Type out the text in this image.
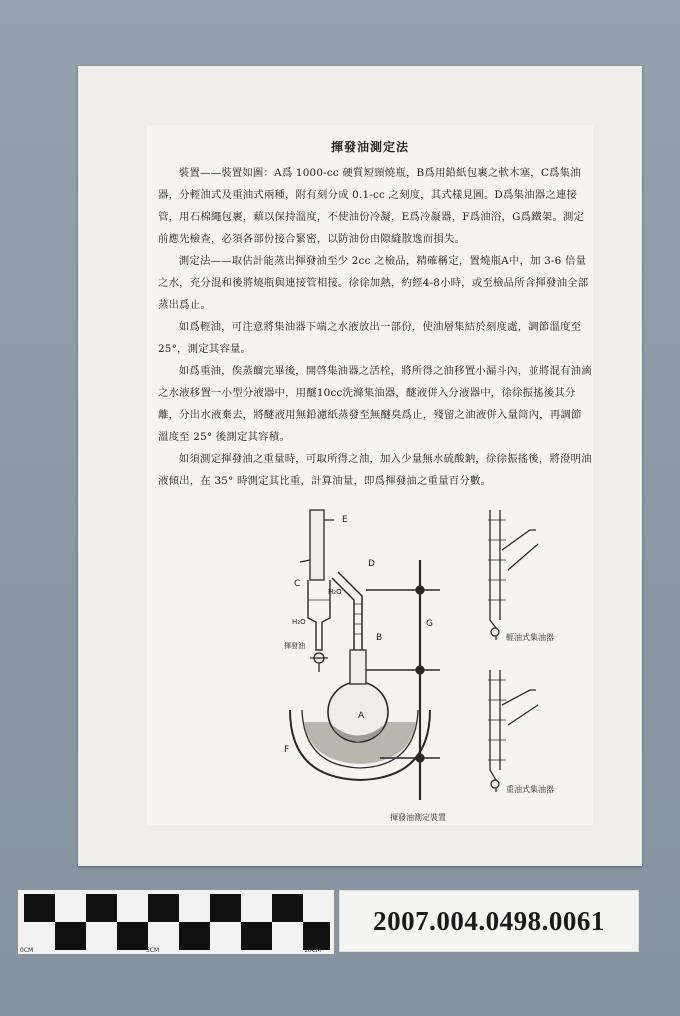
揮發油測定法

裝置——裝置如圖：A爲 1000-cc 硬質短頸燒瓶，B爲用鉛紙包裹之軟木塞，C爲集油器，分輕油式及重油式兩種，附有刻分成 0.1-cc 之刻度，其式樣見圖。D爲集油器之連接管，用石棉繩包裹，藉以保持溫度，不使油份冷凝，E爲冷凝器，F爲油浴，G爲鐵架。測定前應先檢查，必須各部份接合緊密，以防油份由隙縫散逸而損失。

測定法——取估計能蒸出揮發油至少 2cc 之檢品，精確稱定，置燒瓶A中，加 3-6 倍量之水，充分混和後將燒瓶與連接管相接。徐徐加熱，約經4-8小時，或至檢品所含揮發油全部蒸出爲止。

如爲輕油，可注意將集油器下端之水液放出一部份，使油層集結於刻度處，調節溫度至 25°，測定其容量。

如爲重油，俟蒸餾完畢後，開啓集油器之活栓，將所得之油移置小漏斗內，並將混有油滴之水液移置一小型分液器中，用醚10cc洗滌集油器，醚液併入分液器中，徐徐振搖後其分離，分出水液棄去，將醚液用無鉛濾紙蒸發至無醚臭爲止，殘留之油液併入量筒內，再調節溫度至 25° 後測定其容積。

如須測定揮發油之重量時，可取所得之油，加入少量無水硫酸鈉，徐徐振搖後，將澄明油液傾出，在 35° 時測定其比重，計算油量，即爲揮發油之重量百分數。

A
B
C
D
E
F
G
H₂O
H₂O
揮發油
揮發油測定裝置
輕油式集油器
重油式集油器
0CM	5CM	10CM
2007.004.0498.0061
